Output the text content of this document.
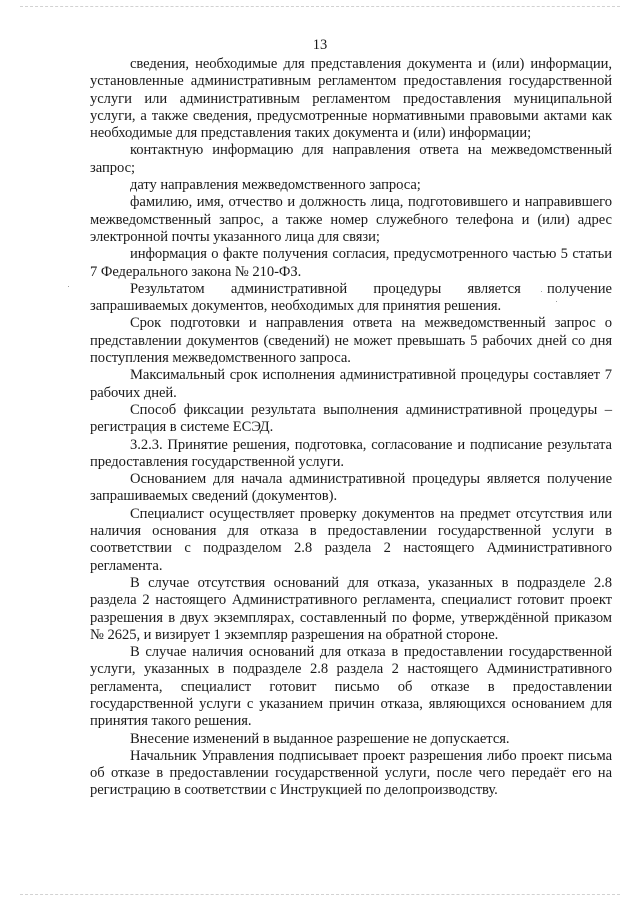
13

сведения, необходимые для представления документа и (или) информации, установленные административным регламентом предоставления государственной услуги или административным регламентом предоставления муниципальной услуги, а также сведения, предусмотренные нормативными правовыми актами как необходимые для представления таких документа и (или) информации;

контактную информацию для направления ответа на межведомственный запрос;

дату направления межведомственного запроса;

фамилию, имя, отчество и должность лица, подготовившего и направившего межведомственный запрос, а также номер служебного телефона и (или) адрес электронной почты указанного лица для связи;

информация о факте получения согласия, предусмотренного частью 5 статьи 7 Федерального закона № 210-ФЗ.

Результатом административной процедуры является получение запрашиваемых документов, необходимых для принятия решения.

Срок подготовки и направления ответа на межведомственный запрос о представлении документов (сведений) не может превышать 5 рабочих дней со дня поступления межведомственного запроса.

Максимальный срок исполнения административной процедуры составляет 7 рабочих дней.

Способ фиксации результата выполнения административной процедуры – регистрация в системе ЕСЭД.

3.2.3. Принятие решения, подготовка, согласование и подписание результата предоставления государственной услуги.

Основанием для начала административной процедуры является получение запрашиваемых сведений (документов).

Специалист осуществляет проверку документов на предмет отсутствия или наличия основания для отказа в предоставлении государственной услуги в соответствии с подразделом 2.8 раздела 2 настоящего Административного регламента.

В случае отсутствия оснований для отказа, указанных в подразделе 2.8 раздела 2 настоящего Административного регламента, специалист готовит проект разрешения в двух экземплярах, составленный по форме, утверждённой приказом № 2625, и визирует 1 экземпляр разрешения на обратной стороне.

В случае наличия оснований для отказа в предоставлении государственной услуги, указанных в подразделе 2.8 раздела 2 настоящего Административного регламента, специалист готовит письмо об отказе в предоставлении государственной услуги с указанием причин отказа, являющихся основанием для принятия такого решения.

Внесение изменений в выданное разрешение не допускается.

Начальник Управления подписывает проект разрешения либо проект письма об отказе в предоставлении государственной услуги, после чего передаёт его на регистрацию в соответствии с Инструкцией по делопроизводству.
